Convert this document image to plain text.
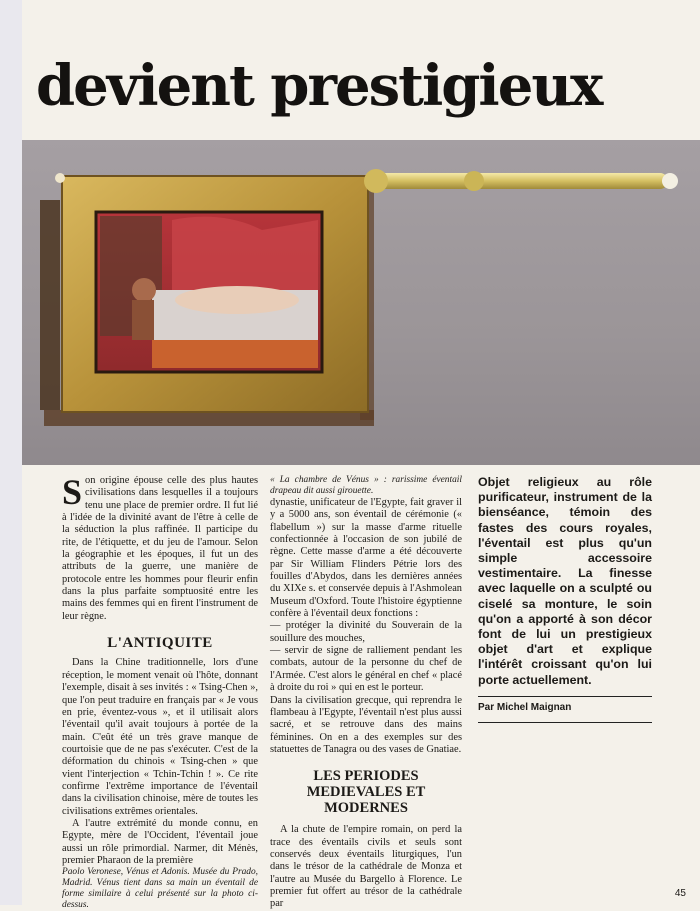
devient prestigieux

Son origine épouse celle des plus hautes civilisations dans lesquelles il a toujours tenu une place de premier ordre. Il fut lié à l'idée de la divinité avant de l'être à celle de la séduction la plus raffinée. Il participe du rite, de l'étiquette, et du jeu de l'amour. Selon la géographie et les époques, il fut un des attributs de la guerre, une manière de protocole entre les hommes pour fleurir enfin dans la plus parfaite somptuosité entre les mains des femmes qui en firent l'instrument de leur règne.

L'ANTIQUITE

Dans la Chine traditionnelle, lors d'une réception, le moment venait où l'hôte, donnant l'exemple, disait à ses invités : « Tsing-Chen », que l'on peut traduire en français par « Je vous en prie, éventez-vous », et il utilisait alors l'éventail qu'il avait toujours à portée de la main. C'eût été un très grave manque de courtoisie que de ne pas s'exécuter. C'est de la déformation du chinois « Tsing-chen » que vient l'interjection « Tchin-Tchin ! ». Ce rite confirme l'extrême importance de l'éventail dans la civilisation chinoise, mère de toutes les civilisations extrêmes orientales.

A l'autre extrémité du monde connu, en Egypte, mère de l'Occident, l'éventail joue aussi un rôle primordial. Narmer, dit Ménès, premier Pharaon de la première

Paolo Veronese, Vénus et Adonis. Musée du Prado, Madrid. Vénus tient dans sa main un éventail de forme similaire à celui présenté sur la photo ci-dessus.

« La chambre de Vénus » : rarissime éventail drapeau dit aussi girouette.

dynastie, unificateur de l'Egypte, fait graver il y a 5000 ans, son éventail de cérémonie (« flabellum ») sur la masse d'arme rituelle confectionnée à l'occasion de son jubilé de règne. Cette masse d'arme a été découverte par Sir William Flinders Pétrie lors des fouilles d'Abydos, dans les dernières années du XIXe s. et conservée depuis à l'Ashmolean Museum d'Oxford. Toute l'histoire égyptienne confère à l'éventail deux fonctions :

— protéger la divinité du Souverain de la souillure des mouches,

— servir de signe de ralliement pendant les combats, autour de la personne du chef de l'Armée. C'est alors le général en chef « placé à droite du roi » qui en est le porteur.

Dans la civilisation grecque, qui reprendra le flambeau à l'Egypte, l'éventail n'est plus aussi sacré, et se retrouve dans des mains féminines. On en a des exemples sur des statuettes de Tanagra ou des vases de Gnatiae.

LES PERIODES
MEDIEVALES ET
MODERNES

A la chute de l'empire romain, on perd la trace des éventails civils et seuls sont conservés deux éventails liturgiques, l'un dans le trésor de la cathédrale de Monza et l'autre au Musée du Bargello à Florence. Le premier fut offert au trésor de la cathédrale par

Objet religieux au rôle purificateur, instrument de la bienséance, témoin des fastes des cours royales, l'éventail est plus qu'un simple accessoire vestimentaire. La finesse avec laquelle on a sculpté ou ciselé sa monture, le soin qu'on a apporté à son décor font de lui un prestigieux objet d'art et explique l'intérêt croissant qu'on lui porte actuellement.

Par Michel Maignan

45
